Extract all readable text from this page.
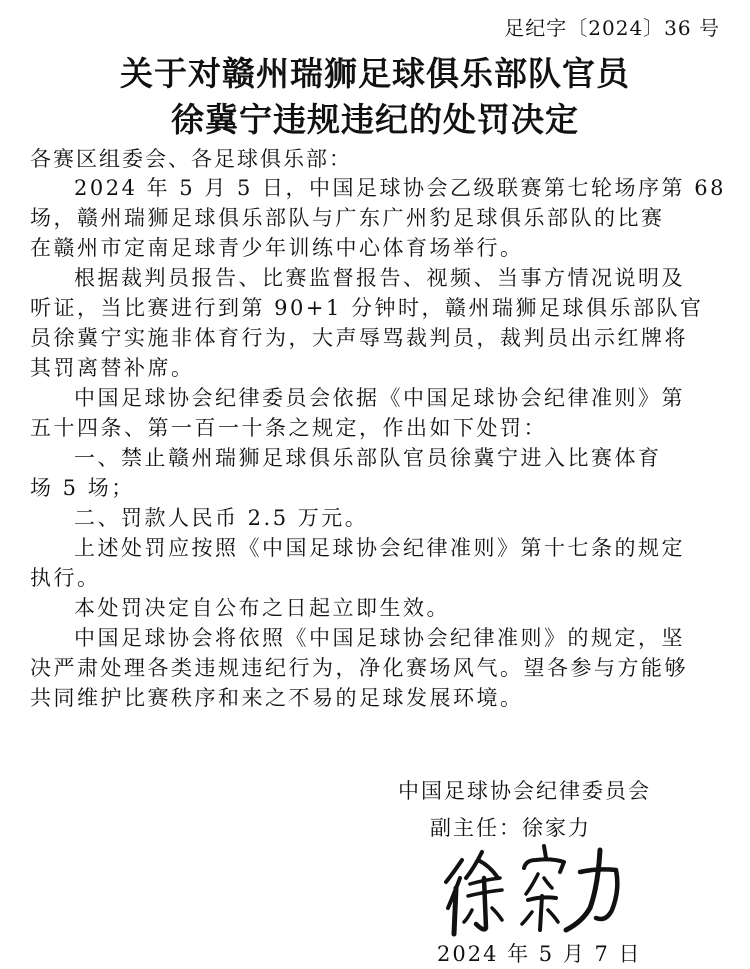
足纪字〔2024〕36 号
关于对赣州瑞狮足球俱乐部队官员
徐冀宁违规违纪的处罚决定
各赛区组委会、各足球俱乐部：
2024 年 5 月 5 日，中国足球协会乙级联赛第七轮场序第 68
场，赣州瑞狮足球俱乐部队与广东广州豹足球俱乐部队的比赛
在赣州市定南足球青少年训练中心体育场举行。
根据裁判员报告、比赛监督报告、视频、当事方情况说明及
听证，当比赛进行到第 90+1 分钟时，赣州瑞狮足球俱乐部队官
员徐冀宁实施非体育行为，大声辱骂裁判员，裁判员出示红牌将
其罚离替补席。
中国足球协会纪律委员会依据《中国足球协会纪律准则》第
五十四条、第一百一十条之规定，作出如下处罚：
一、禁止赣州瑞狮足球俱乐部队官员徐冀宁进入比赛体育
场 5 场；
二、罚款人民币 2.5 万元。
上述处罚应按照《中国足球协会纪律准则》第十七条的规定
执行。
本处罚决定自公布之日起立即生效。
中国足球协会将依照《中国足球协会纪律准则》的规定，坚
决严肃处理各类违规违纪行为，净化赛场风气。望各参与方能够
共同维护比赛秩序和来之不易的足球发展环境。
中国足球协会纪律委员会
副主任：徐家力
2024 年 5 月 7 日
